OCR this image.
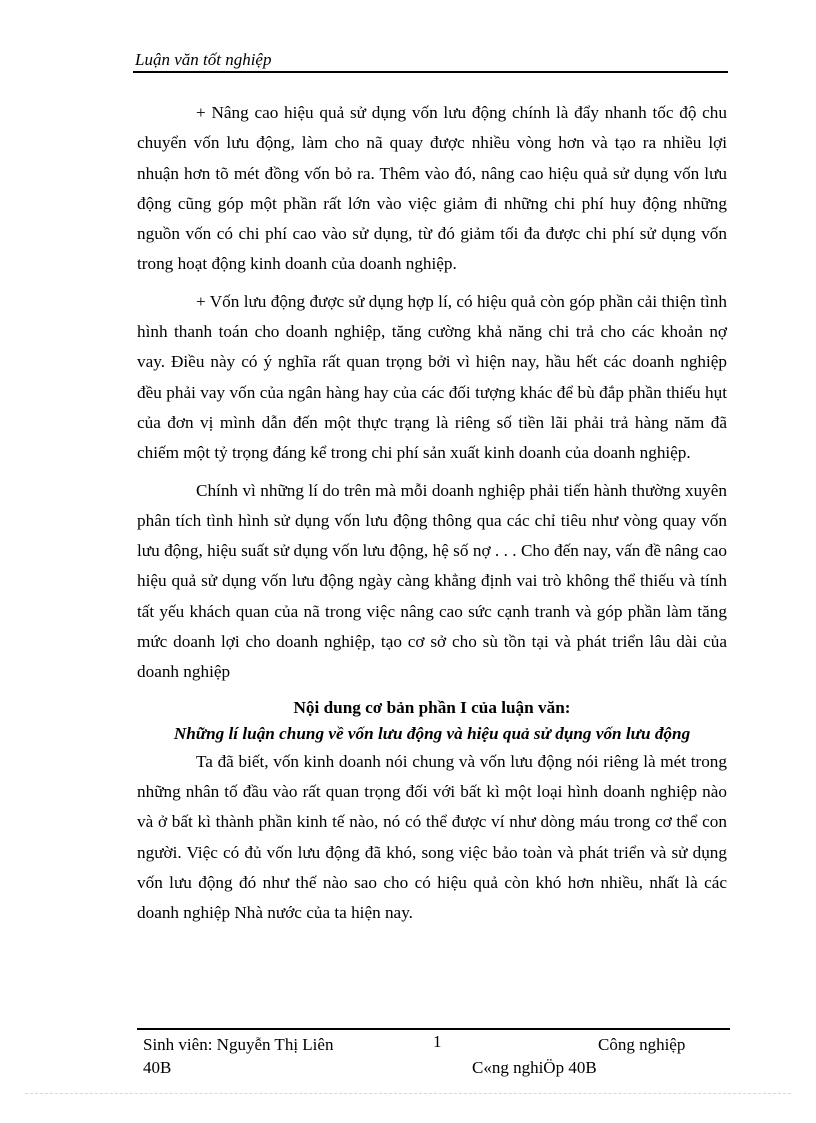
Luận văn tốt nghiệp

+ Nâng cao hiệu quả sử dụng vốn lưu động chính là đẩy nhanh tốc độ chu chuyển vốn lưu động, làm cho nã quay được nhiều vòng hơn và tạo ra nhiều lợi nhuận hơn tõ mét đồng vốn bỏ ra. Thêm vào đó, nâng cao hiệu quả sử dụng vốn lưu động cũng góp một phần rất lớn vào việc giảm đi những chi phí huy động những nguồn vốn có chi phí cao vào sử dụng, từ đó giảm tối đa được chi phí sử dụng vốn trong hoạt động kinh doanh của doanh nghiệp.

+ Vốn lưu động được sử dụng hợp lí, có hiệu quả còn góp phần cải thiện tình hình thanh toán cho doanh nghiệp, tăng cường khả năng chi trả cho các khoản nợ vay. Điều này có ý nghĩa rất quan trọng bởi vì hiện nay, hầu hết các doanh nghiệp đều phải vay vốn của ngân hàng hay của các đối tượng khác để bù đắp phần thiếu hụt của đơn vị mình dẫn đến một thực trạng là riêng số tiền lãi phải trả hàng năm đã chiếm một tỷ trọng đáng kể trong chi phí sản xuất kinh doanh của doanh nghiệp.

Chính vì những lí do trên mà mỗi doanh nghiệp phải tiến hành thường xuyên phân tích tình hình sử dụng vốn lưu động thông qua các chỉ tiêu như vòng quay vốn lưu động, hiệu suất sử dụng vốn lưu động, hệ số nợ . . . Cho đến nay, vấn đề nâng cao hiệu quả sử dụng vốn lưu động ngày càng khẳng định vai trò không thể thiếu và tính tất yếu khách quan của nã trong việc nâng cao sức cạnh tranh và góp phần làm tăng mức doanh lợi cho doanh nghiệp, tạo cơ sở cho sù tồn tại và phát triển lâu dài của doanh nghiệp

Nội dung cơ bản phần I của luận văn:

Những lí luận chung về vốn lưu động và hiệu quả sử dụng vốn lưu động

Ta đã biết, vốn kinh doanh nói chung và vốn lưu động nói riêng là mét trong những nhân tố đầu vào rất quan trọng đối với bất kì một loại hình doanh nghiệp nào và ở bất kì thành phần kinh tế nào, nó có thể được ví như dòng máu trong cơ thể con người. Việc có đủ vốn lưu động đã khó, song việc bảo toàn và phát triển và sử dụng vốn lưu động đó như thế nào sao cho có hiệu quả còn khó hơn nhiều, nhất là các doanh nghiệp Nhà nước của ta hiện nay.

Sinh viên: Nguyễn Thị Liên
40B
1	Công nghiệp
C«ng nghiÖp 40B
